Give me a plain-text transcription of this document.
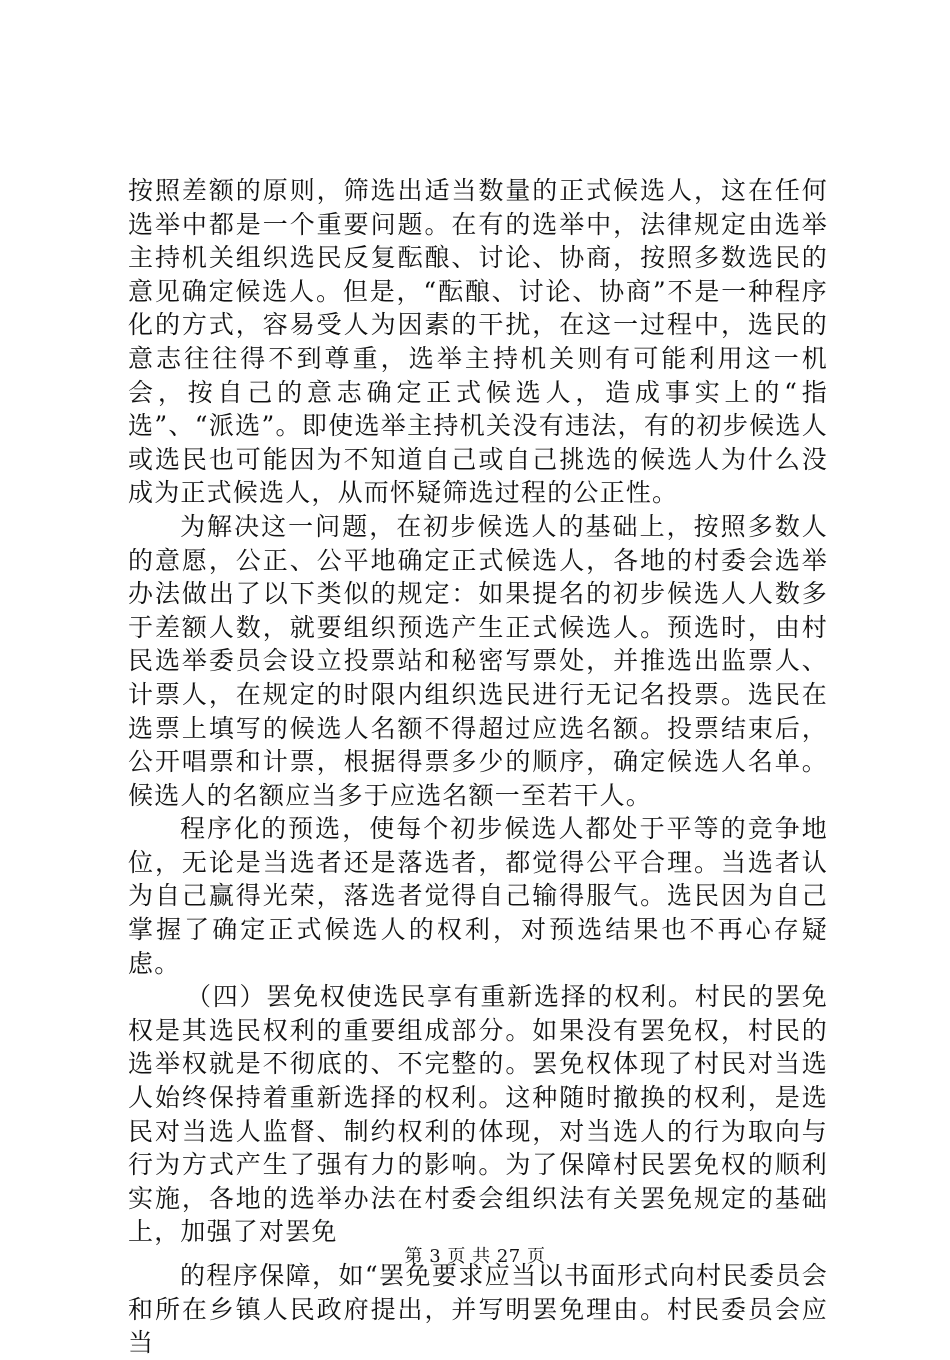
按照差额的原则，筛选出适当数量的正式候选人，这在任何选举中都是一个重要问题。在有的选举中，法律规定由选举主持机关组织选民反复酝酿、讨论、协商，按照多数选民的意见确定候选人。但是，“酝酿、讨论、协商”不是一种程序化的方式，容易受人为因素的干扰，在这一过程中，选民的意志往往得不到尊重，选举主持机关则有可能利用这一机会，按自己的意志确定正式候选人，造成事实上的“指选”、“派选”。即使选举主持机关没有违法，有的初步候选人或选民也可能因为不知道自己或自己挑选的候选人为什么没成为正式候选人，从而怀疑筛选过程的公正性。

为解决这一问题，在初步候选人的基础上，按照多数人的意愿，公正、公平地确定正式候选人，各地的村委会选举办法做出了以下类似的规定：如果提名的初步候选人人数多于差额人数，就要组织预选产生正式候选人。预选时，由村民选举委员会设立投票站和秘密写票处，并推选出监票人、计票人，在规定的时限内组织选民进行无记名投票。选民在选票上填写的候选人名额不得超过应选名额。投票结束后，公开唱票和计票，根据得票多少的顺序，确定候选人名单。候选人的名额应当多于应选名额一至若干人。

程序化的预选，使每个初步候选人都处于平等的竞争地位，无论是当选者还是落选者，都觉得公平合理。当选者认为自己赢得光荣，落选者觉得自己输得服气。选民因为自己掌握了确定正式候选人的权利，对预选结果也不再心存疑虑。

（四）罢免权使选民享有重新选择的权利。村民的罢免权是其选民权利的重要组成部分。如果没有罢免权，村民的选举权就是不彻底的、不完整的。罢免权体现了村民对当选人始终保持着重新选择的权利。这种随时撤换的权利，是选民对当选人监督、制约权利的体现，对当选人的行为取向与行为方式产生了强有力的影响。为了保障村民罢免权的顺利实施，各地的选举办法在村委会组织法有关罢免规定的基础上，加强了对罢免

的程序保障，如“罢免要求应当以书面形式向村民委员会和所在乡镇人民政府提出，并写明罢免理由。村民委员会应当

第 3 页 共 27 页
